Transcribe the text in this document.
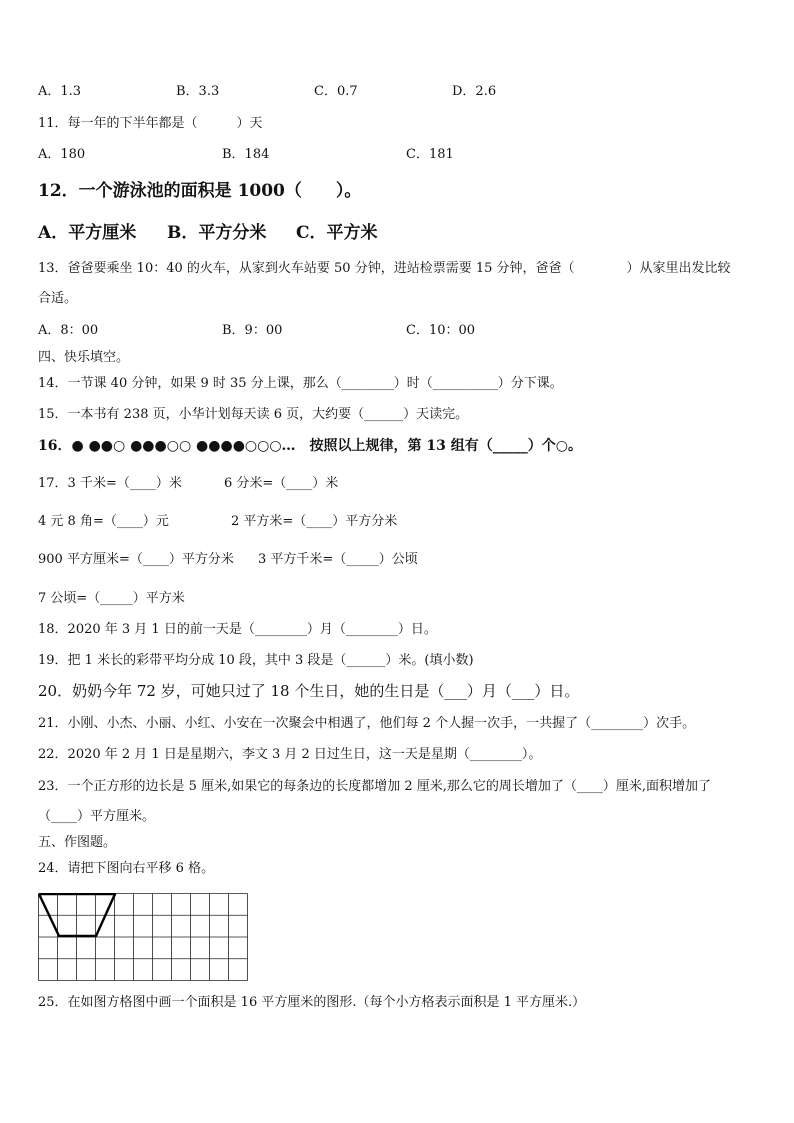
A．1.3	B．3.3	C．0.7	D．2.6
11．每一年的下半年都是（　　　）天
A．180	B．184	C．181
12．一个游泳池的面积是 1000（　　）。
A．平方厘米 B．平方分米 C．平方米
13．爸爸要乘坐 10：40 的火车，从家到火车站要 50 分钟，进站检票需要 15 分钟，爸爸（　　　　）从家里出发比较
合适。
A．8：00	B．9：00	C．10：00
四、快乐填空。
14．一节课 40 分钟，如果 9 时 35 分上课，那么（________）时（__________）分下课。
15．一本书有 238 页，小华计划每天读 6 页，大约要（______）天读完。
16．● ●●○ ●●●○○ ●●●●○○○…　按照以上规律，第 13 组有（_____）个○。
17．3 千米=（____）米	6 分米=（____）米
4 元 8 角=（____）元	2 平方米=（____）平方分米
900 平方厘米=（____）平方分米 3 平方千米=（_____）公顷
7 公顷=（_____）平方米
18．2020 年 3 月 1 日的前一天是（________）月（________）日。
19．把 1 米长的彩带平均分成 10 段，其中 3 段是（______）米。(填小数)
20．奶奶今年 72 岁，可她只过了 18 个生日，她的生日是（___）月（___）日。
21．小刚、小杰、小丽、小红、小安在一次聚会中相遇了，他们每 2 个人握一次手，一共握了（________）次手。
22．2020 年 2 月 1 日是星期六，李文 3 月 2 日过生日，这一天是星期（________）。
23．一个正方形的边长是 5 厘米,如果它的每条边的长度都增加 2 厘米,那么它的周长增加了（____）厘米,面积增加了
（____）平方厘米。
五、作图题。
24．请把下图向右平移 6 格。
25．在如图方格图中画一个面积是 16 平方厘米的图形.（每个小方格表示面积是 1 平方厘米.）
